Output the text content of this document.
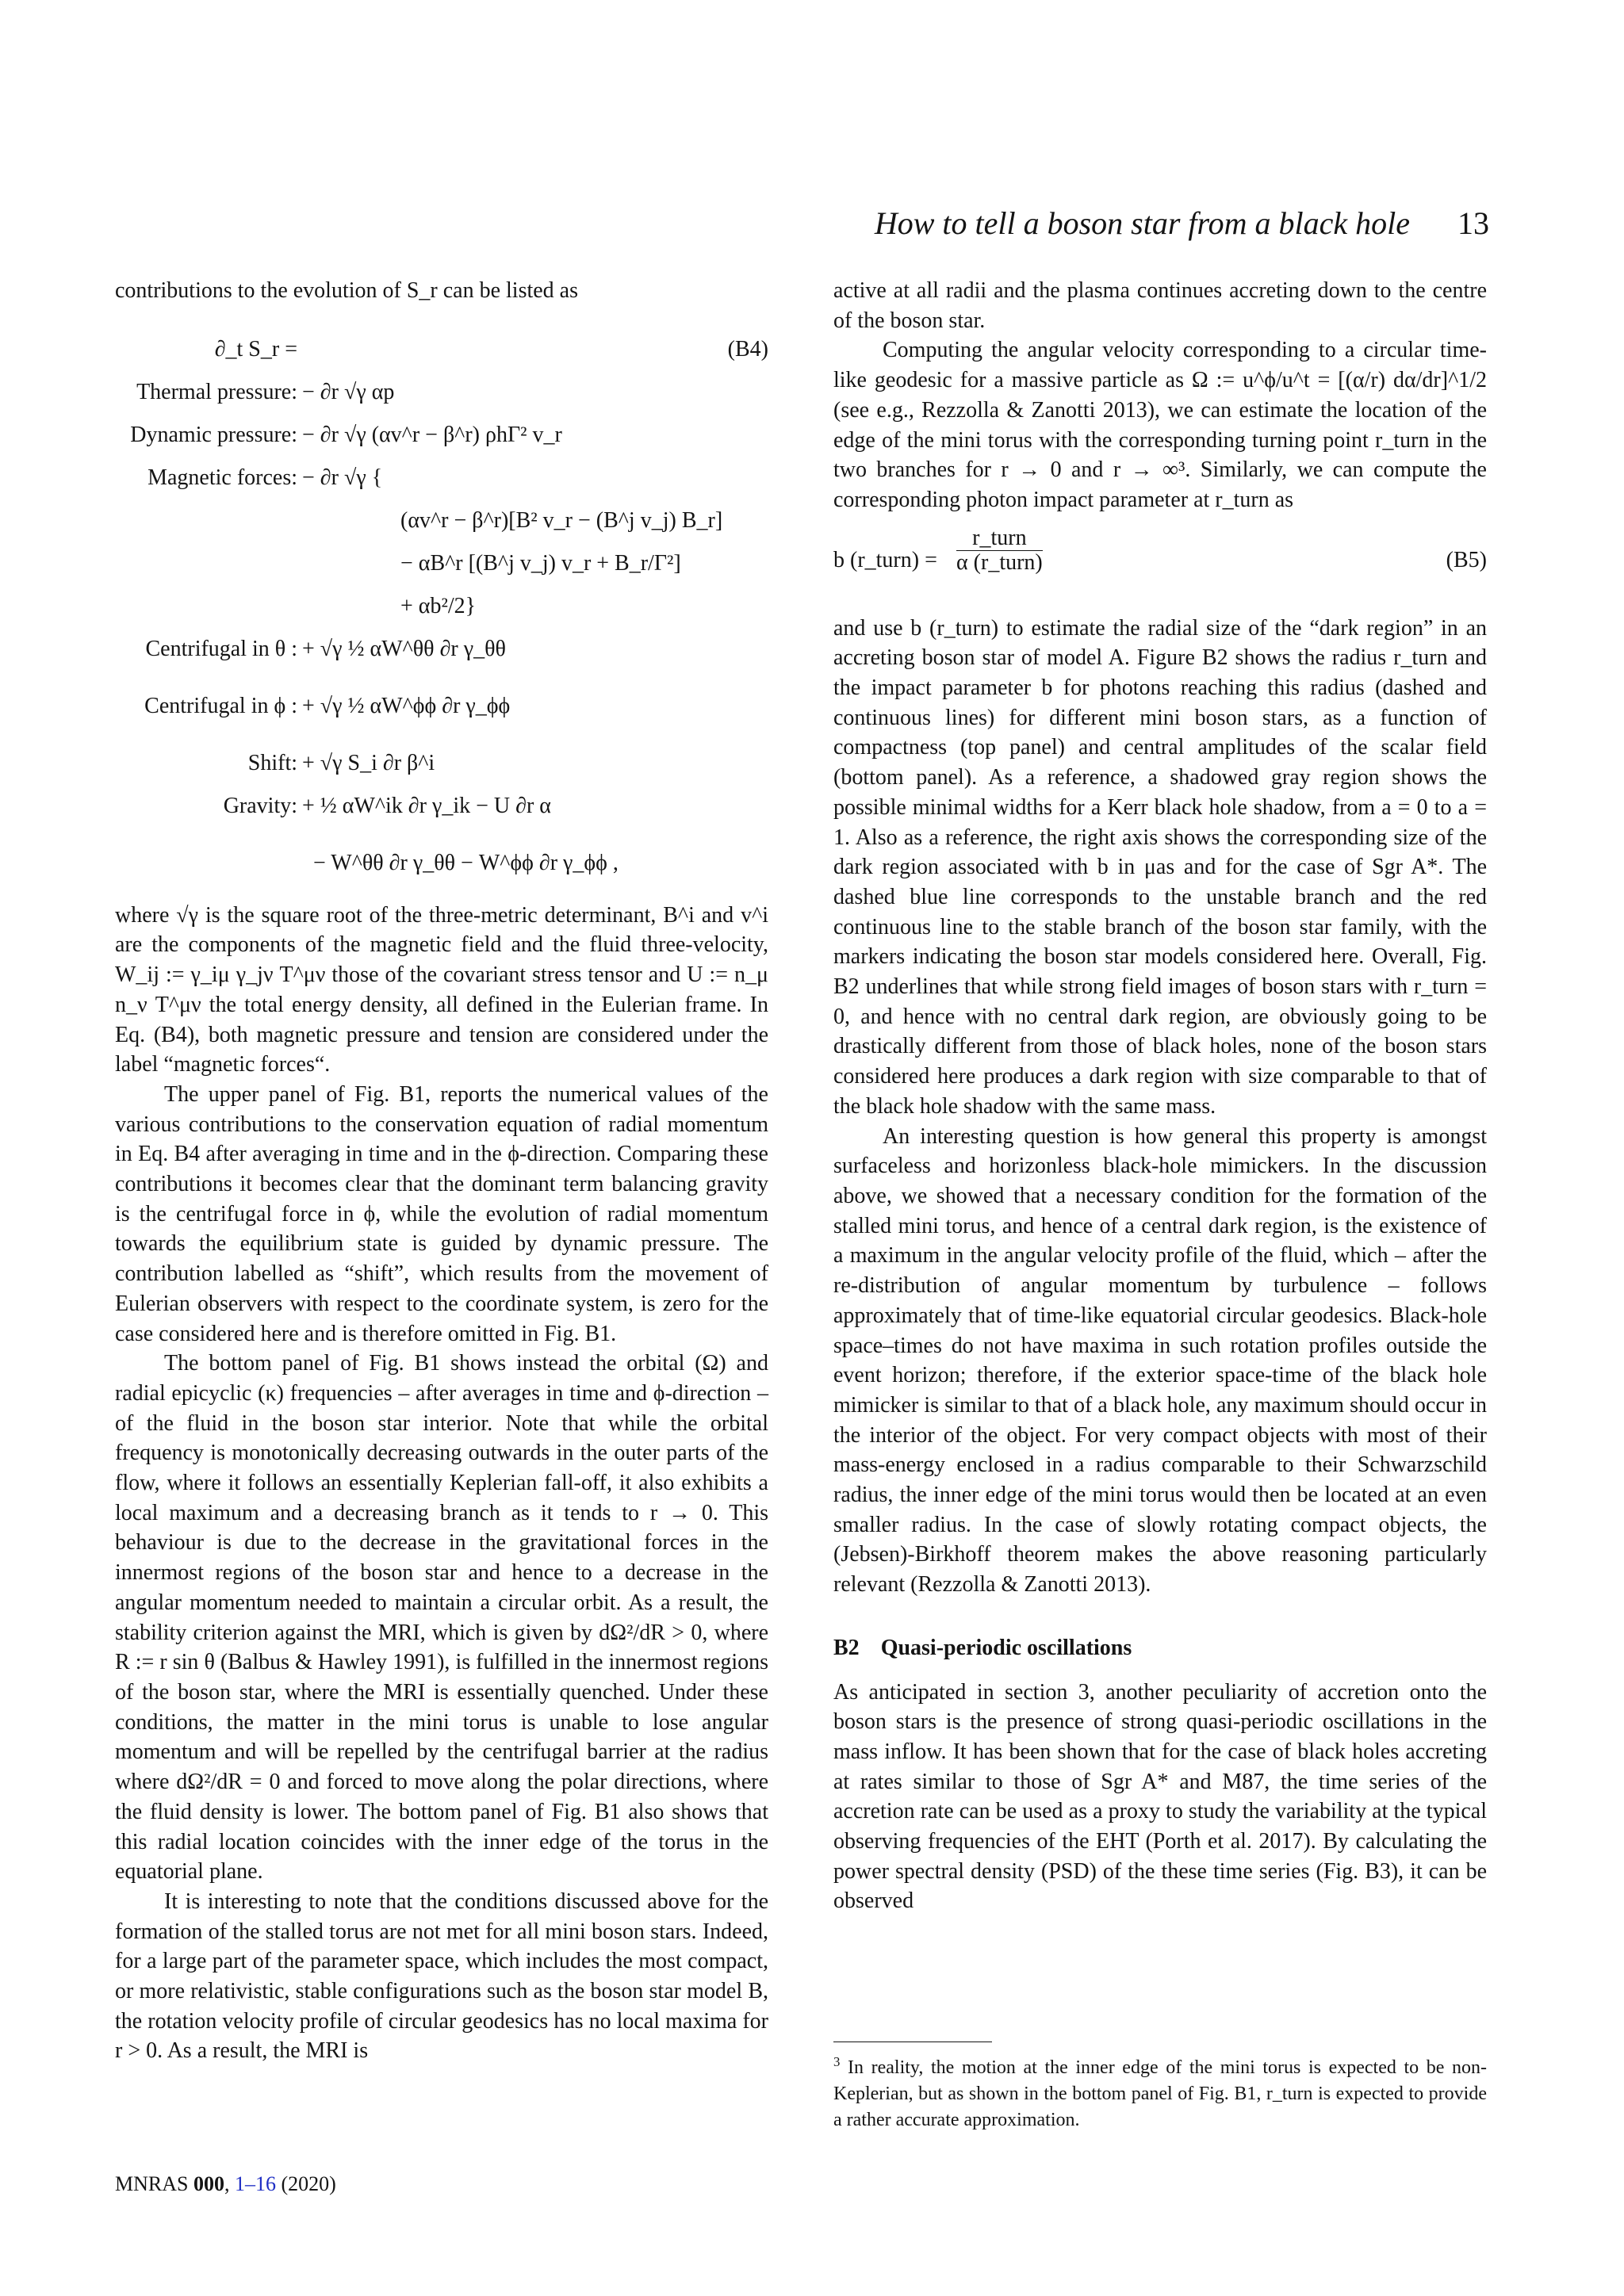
How to tell a boson star from a black hole 13

contributions to the evolution of S_r can be listed as

∂_t S_r =	(B4)
Thermal pressure: − ∂r √γ αp
Dynamic pressure: − ∂r √γ (αv^r − β^r) ρhΓ² v_r
Magnetic forces: − ∂r √γ {
(αv^r − β^r)[B² v_r − (B^j v_j) B_r]
− αB^r [(B^j v_j) v_r + B_r/Γ²]
+ αb²/2}
Centrifugal in θ : + √γ ½ αW^θθ ∂r γ_θθ
Centrifugal in ϕ : + √γ ½ αW^ϕϕ ∂r γ_ϕϕ
Shift: + √γ S_i ∂r β^i
Gravity: + ½ αW^ik ∂r γ_ik − U ∂r α
− W^θθ ∂r γ_θθ − W^ϕϕ ∂r γ_ϕϕ ,

where √γ is the square root of the three-metric determinant, B^i and v^i are the components of the magnetic field and the fluid three-velocity, W_ij := γ_iμ γ_jν T^μν those of the covariant stress tensor and U := n_μ n_ν T^μν the total energy density, all defined in the Eulerian frame. In Eq. (B4), both magnetic pressure and tension are considered under the label “magnetic forces“.

The upper panel of Fig. B1, reports the numerical values of the various contributions to the conservation equation of radial momentum in Eq. B4 after averaging in time and in the ϕ-direction. Comparing these contributions it becomes clear that the dominant term balancing gravity is the centrifugal force in ϕ, while the evolution of radial momentum towards the equilibrium state is guided by dynamic pressure. The contribution labelled as “shift”, which results from the movement of Eulerian observers with respect to the coordinate system, is zero for the case considered here and is therefore omitted in Fig. B1.

The bottom panel of Fig. B1 shows instead the orbital (Ω) and radial epicyclic (κ) frequencies – after averages in time and ϕ-direction – of the fluid in the boson star interior. Note that while the orbital frequency is monotonically decreasing outwards in the outer parts of the flow, where it follows an essentially Keplerian fall-off, it also exhibits a local maximum and a decreasing branch as it tends to r → 0. This behaviour is due to the decrease in the gravitational forces in the innermost regions of the boson star and hence to a decrease in the angular momentum needed to maintain a circular orbit. As a result, the stability criterion against the MRI, which is given by dΩ²/dR > 0, where R := r sin θ (Balbus & Hawley 1991), is fulfilled in the innermost regions of the boson star, where the MRI is essentially quenched. Under these conditions, the matter in the mini torus is unable to lose angular momentum and will be repelled by the centrifugal barrier at the radius where dΩ²/dR = 0 and forced to move along the polar directions, where the fluid density is lower. The bottom panel of Fig. B1 also shows that this radial location coincides with the inner edge of the torus in the equatorial plane.

It is interesting to note that the conditions discussed above for the formation of the stalled torus are not met for all mini boson stars. Indeed, for a large part of the parameter space, which includes the most compact, or more relativistic, stable configurations such as the boson star model B, the rotation velocity profile of circular geodesics has no local maxima for r > 0. As a result, the MRI is

active at all radii and the plasma continues accreting down to the centre of the boson star.

Computing the angular velocity corresponding to a circular time-like geodesic for a massive particle as Ω := u^ϕ/u^t = [(α/r) dα/dr]^1/2 (see e.g., Rezzolla & Zanotti 2013), we can estimate the location of the edge of the mini torus with the corresponding turning point r_turn in the two branches for r → 0 and r → ∞³. Similarly, we can compute the corresponding photon impact parameter at r_turn as

b (r_turn) =
r_turn
α (r_turn)	(B5)

and use b (r_turn) to estimate the radial size of the “dark region” in an accreting boson star of model A. Figure B2 shows the radius r_turn and the impact parameter b for photons reaching this radius (dashed and continuous lines) for different mini boson stars, as a function of compactness (top panel) and central amplitudes of the scalar field (bottom panel). As a reference, a shadowed gray region shows the possible minimal widths for a Kerr black hole shadow, from a = 0 to a = 1. Also as a reference, the right axis shows the corresponding size of the dark region associated with b in μas and for the case of Sgr A*. The dashed blue line corresponds to the unstable branch and the red continuous line to the stable branch of the boson star family, with the markers indicating the boson star models considered here. Overall, Fig. B2 underlines that while strong field images of boson stars with r_turn = 0, and hence with no central dark region, are obviously going to be drastically different from those of black holes, none of the boson stars considered here produces a dark region with size comparable to that of the black hole shadow with the same mass.

An interesting question is how general this property is amongst surfaceless and horizonless black-hole mimickers. In the discussion above, we showed that a necessary condition for the formation of the stalled mini torus, and hence of a central dark region, is the existence of a maximum in the angular velocity profile of the fluid, which – after the re-distribution of angular momentum by turbulence – follows approximately that of time-like equatorial circular geodesics. Black-hole space–times do not have maxima in such rotation profiles outside the event horizon; therefore, if the exterior space-time of the black hole mimicker is similar to that of a black hole, any maximum should occur in the interior of the object. For very compact objects with most of their mass-energy enclosed in a radius comparable to their Schwarzschild radius, the inner edge of the mini torus would then be located at an even smaller radius. In the case of slowly rotating compact objects, the (Jebsen)-Birkhoff theorem makes the above reasoning particularly relevant (Rezzolla & Zanotti 2013).

B2 Quasi-periodic oscillations

As anticipated in section 3, another peculiarity of accretion onto the boson stars is the presence of strong quasi-periodic oscillations in the mass inflow. It has been shown that for the case of black holes accreting at rates similar to those of Sgr A* and M87, the time series of the accretion rate can be used as a proxy to study the variability at the typical observing frequencies of the EHT (Porth et al. 2017). By calculating the power spectral density (PSD) of the these time series (Fig. B3), it can be observed

$^3$ In reality, the motion at the inner edge of the mini torus is expected to be non-Keplerian, but as shown in the bottom panel of Fig. B1, r_turn is expected to provide a rather accurate approximation.
MNRAS 000, 1–16 (2020)
